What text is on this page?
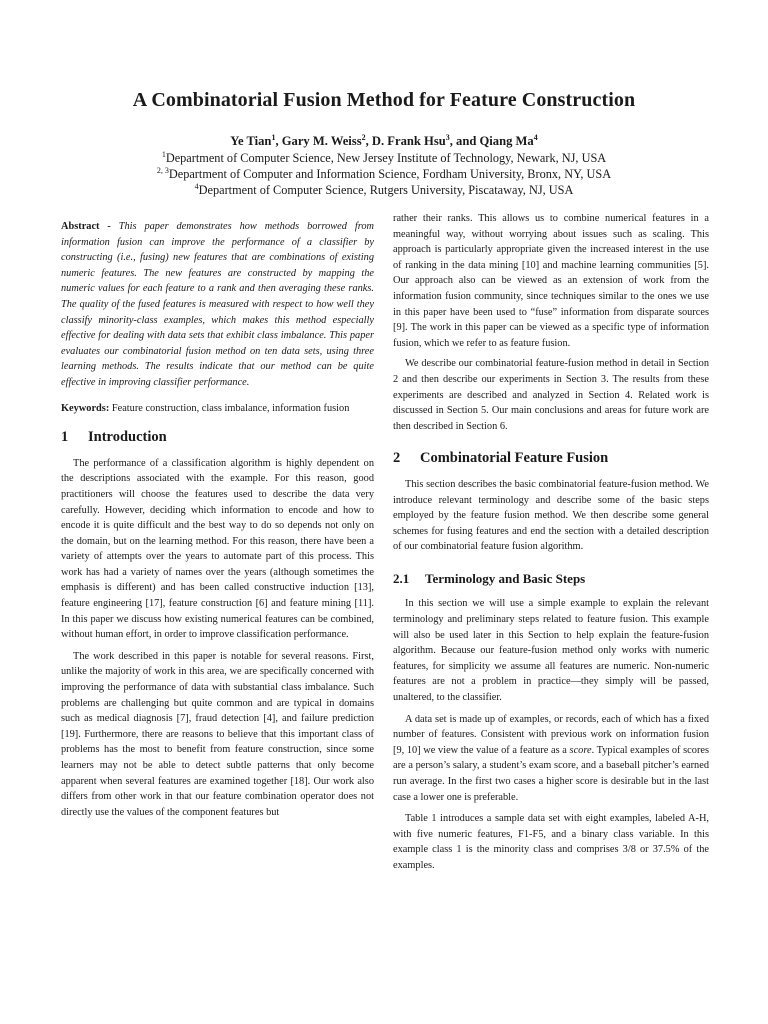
A Combinatorial Fusion Method for Feature Construction
Ye Tian$^1$, Gary M. Weiss$^2$, D. Frank Hsu$^3$, and Qiang Ma$^4$
$^1$Department of Computer Science, New Jersey Institute of Technology, Newark, NJ, USA
$^{2, 3}$Department of Computer and Information Science, Fordham University, Bronx, NY, USA
$^4$Department of Computer Science, Rutgers University, Piscataway, NJ, USA

Abstract - This paper demonstrates how methods borrowed from information fusion can improve the performance of a classifier by constructing (i.e., fusing) new features that are combinations of existing numeric features. The new features are constructed by mapping the numeric values for each feature to a rank and then averaging these ranks. The quality of the fused features is measured with respect to how well they classify minority-class examples, which makes this method especially effective for dealing with data sets that exhibit class imbalance. This paper evaluates our combinatorial fusion method on ten data sets, using three learning methods. The results indicate that our method can be quite effective in improving classifier performance.

Keywords: Feature construction, class imbalance, information fusion

1 Introduction

The performance of a classification algorithm is highly dependent on the descriptions associated with the example. For this reason, good practitioners will choose the features used to describe the data very carefully. However, deciding which information to encode and how to encode it is quite difficult and the best way to do so depends not only on the domain, but on the learning method. For this reason, there have been a variety of attempts over the years to automate part of this process. This work has had a variety of names over the years (although sometimes the emphasis is different) and has been called constructive induction [13], feature engineering [17], feature construction [6] and feature mining [11]. In this paper we discuss how existing numerical features can be combined, without human effort, in order to improve classification performance.

The work described in this paper is notable for several reasons. First, unlike the majority of work in this area, we are specifically concerned with improving the performance of data with substantial class imbalance. Such problems are challenging but quite common and are typical in domains such as medical diagnosis [7], fraud detection [4], and failure prediction [19]. Furthermore, there are reasons to believe that this important class of problems has the most to benefit from feature construction, since some learners may not be able to detect subtle patterns that only become apparent when several features are examined together [18]. Our work also differs from other work in that our feature combination operator does not directly use the values of the component features but

rather their ranks. This allows us to combine numerical features in a meaningful way, without worrying about issues such as scaling. This approach is particularly appropriate given the increased interest in the use of ranking in the data mining [10] and machine learning communities [5]. Our approach also can be viewed as an extension of work from the information fusion community, since techniques similar to the ones we use in this paper have been used to “fuse” information from disparate sources [9]. The work in this paper can be viewed as a specific type of information fusion, which we refer to as feature fusion.

We describe our combinatorial feature-fusion method in detail in Section 2 and then describe our experiments in Section 3. The results from these experiments are described and analyzed in Section 4. Related work is discussed in Section 5. Our main conclusions and areas for future work are then described in Section 6.

2 Combinatorial Feature Fusion

This section describes the basic combinatorial feature-fusion method. We introduce relevant terminology and describe some of the basic steps employed by the feature fusion method. We then describe some general schemes for fusing features and end the section with a detailed description of our combinatorial feature fusion algorithm.

2.1 Terminology and Basic Steps

In this section we will use a simple example to explain the relevant terminology and preliminary steps related to feature fusion. This example will also be used later in this Section to help explain the feature-fusion algorithm. Because our feature-fusion method only works with numeric features, for simplicity we assume all features are numeric. Non-numeric features are not a problem in practice—they simply will be passed, unaltered, to the classifier.

A data set is made up of examples, or records, each of which has a fixed number of features. Consistent with previous work on information fusion [9, 10] we view the value of a feature as a score. Typical examples of scores are a person’s salary, a student’s exam score, and a baseball pitcher’s earned run average. In the first two cases a higher score is desirable but in the last case a lower one is preferable.

Table 1 introduces a sample data set with eight examples, labeled A-H, with five numeric features, F1-F5, and a binary class variable. In this example class 1 is the minority class and comprises 3/8 or 37.5% of the examples.
